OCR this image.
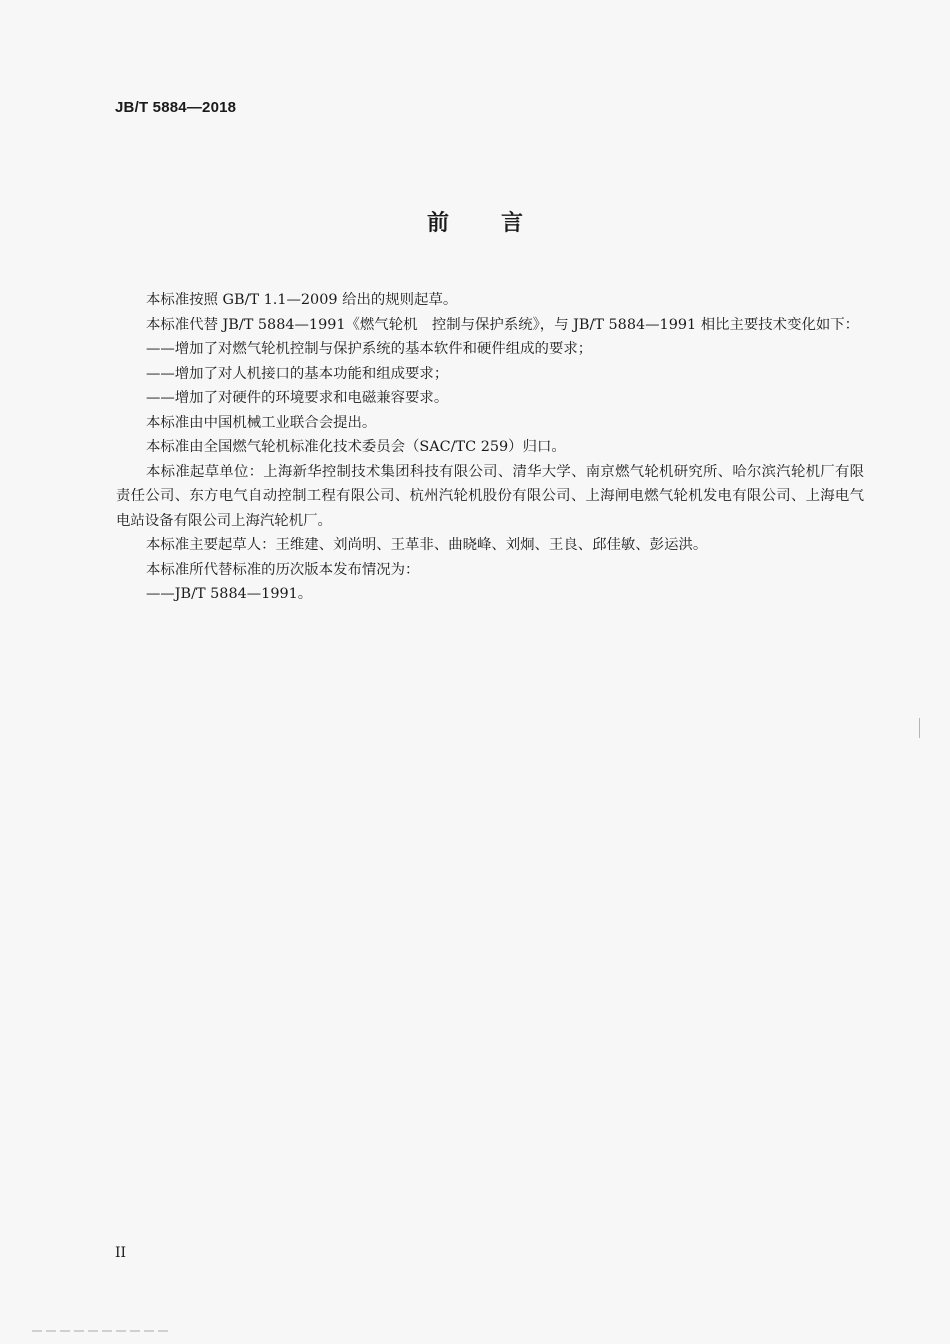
JB/T 5884—2018
前言

本标准按照 GB/T 1.1—2009 给出的规则起草。

本标准代替 JB/T 5884—1991《燃气轮机　控制与保护系统》，与 JB/T 5884—1991 相比主要技术变化如下：

——增加了对燃气轮机控制与保护系统的基本软件和硬件组成的要求；

——增加了对人机接口的基本功能和组成要求；

——增加了对硬件的环境要求和电磁兼容要求。

本标准由中国机械工业联合会提出。

本标准由全国燃气轮机标准化技术委员会（SAC/TC 259）归口。

本标准起草单位：上海新华控制技术集团科技有限公司、清华大学、南京燃气轮机研究所、哈尔滨汽轮机厂有限责任公司、东方电气自动控制工程有限公司、杭州汽轮机股份有限公司、上海闸电燃气轮机发电有限公司、上海电气电站设备有限公司上海汽轮机厂。

本标准主要起草人：王维建、刘尚明、王革非、曲晓峰、刘炯、王良、邱佳敏、彭运洪。

本标准所代替标准的历次版本发布情况为：

——JB/T 5884—1991。

II
